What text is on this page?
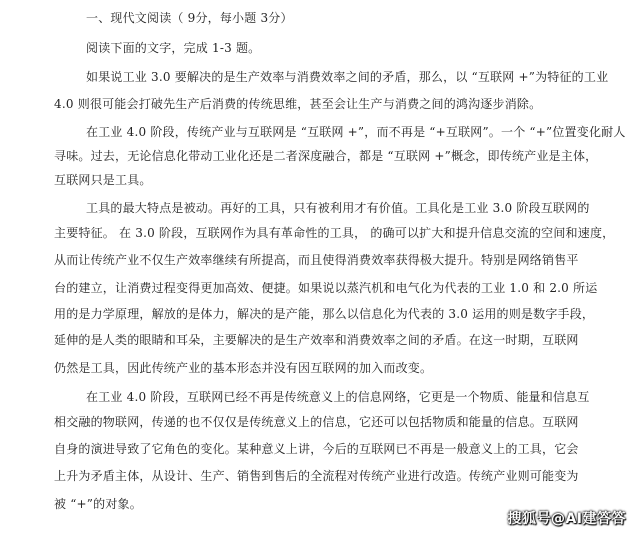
一、现代文阅读（ 9分，每小题 3分）
阅读下面的文字，完成 1-3 题。
如果说工业 3.0 要解决的是生产效率与消费效率之间的矛盾，那么，以 “互联网 +”为特征的工业
4.0 则很可能会打破先生产后消费的传统思维，甚至会让生产与消费之间的鸿沟逐步消除。
在工业 4.0 阶段，传统产业与互联网是 “互联网 +”，而不再是 “+互联网”。一个 “+”位置变化耐人
寻味。过去，无论信息化带动工业化还是二者深度融合，都是 “互联网 +”概念，即传统产业是主体，
互联网只是工具。
工具的最大特点是被动。再好的工具，只有被利用才有价值。工具化是工业 3.0 阶段互联网的
主要特征。 在 3.0 阶段，互联网作为具有革命性的工具， 的确可以扩大和提升信息交流的空间和速度，
从而让传统产业不仅生产效率继续有所提高，而且使得消费效率获得极大提升。特别是网络销售平
台的建立，让消费过程变得更加高效、便捷。如果说以蒸汽机和电气化为代表的工业 1.0 和 2.0 所运
用的是力学原理，解放的是体力，解决的是产能，那么以信息化为代表的 3.0 运用的则是数字手段，
延伸的是人类的眼睛和耳朵，主要解决的是生产效率和消费效率之间的矛盾。在这一时期，互联网
仍然是工具，因此传统产业的基本形态并没有因互联网的加入而改变。
在工业 4.0 阶段，互联网已经不再是传统意义上的信息网络，它更是一个物质、能量和信息互
相交融的物联网，传递的也不仅仅是传统意义上的信息，它还可以包括物质和能量的信息。互联网
自身的演进导致了它角色的变化。某种意义上讲，今后的互联网已不再是一般意义上的工具，它会
上升为矛盾主体，从设计、生产、销售到售后的全流程对传统产业进行改造。传统产业则可能变为
被 “+”的对象。
搜狐号@AI建答答
